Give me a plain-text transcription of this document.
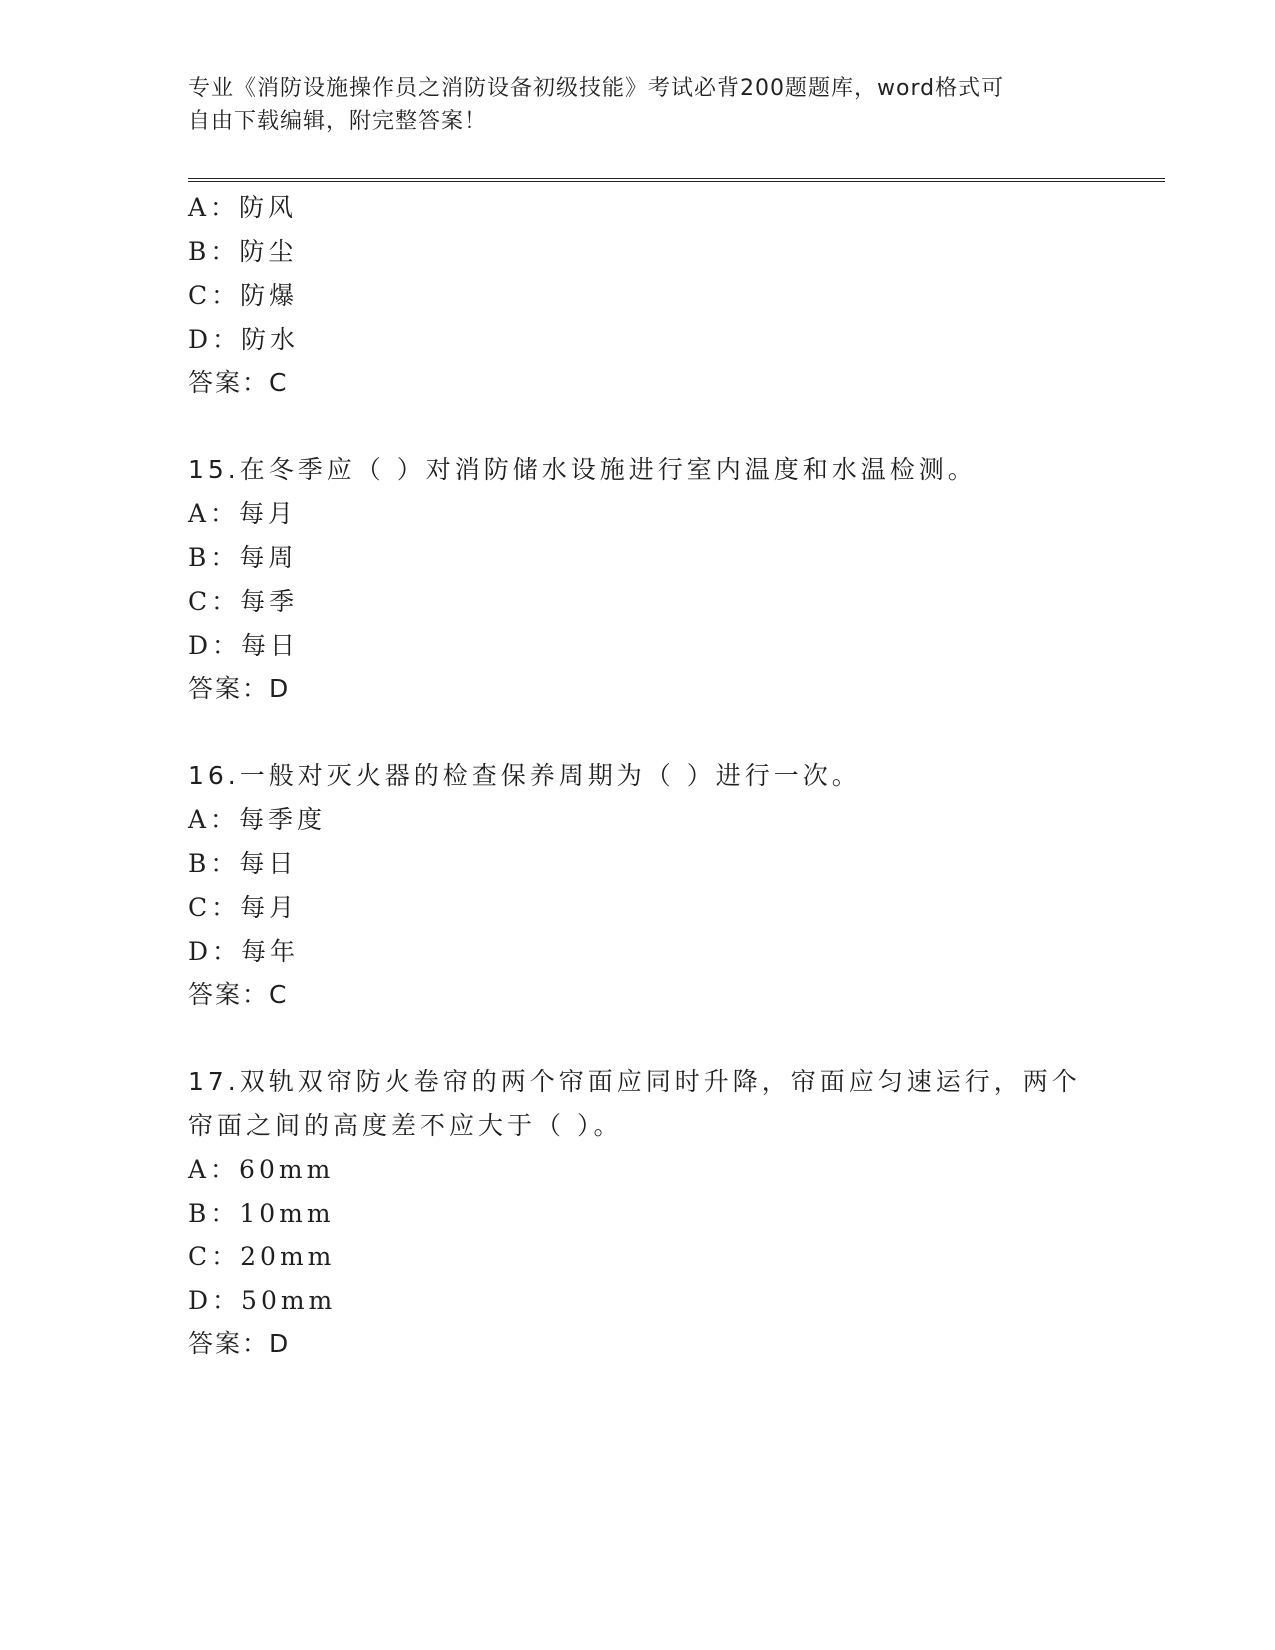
专业《消防设施操作员之消防设备初级技能》考试必背200题题库，word格式可
自由下载编辑，附完整答案！
A：防风
B：防尘
C：防爆
D：防水
答案：C
15.在冬季应（ ）对消防储水设施进行室内温度和水温检测。
A：每月
B：每周
C：每季
D：每日
答案：D
16.一般对灭火器的检查保养周期为（ ）进行一次。
A：每季度
B：每日
C：每月
D：每年
答案：C
17.双轨双帘防火卷帘的两个帘面应同时升降，帘面应匀速运行，两个
帘面之间的高度差不应大于（ ）。
A：60mm
B：10mm
C：20mm
D：50mm
答案：D
